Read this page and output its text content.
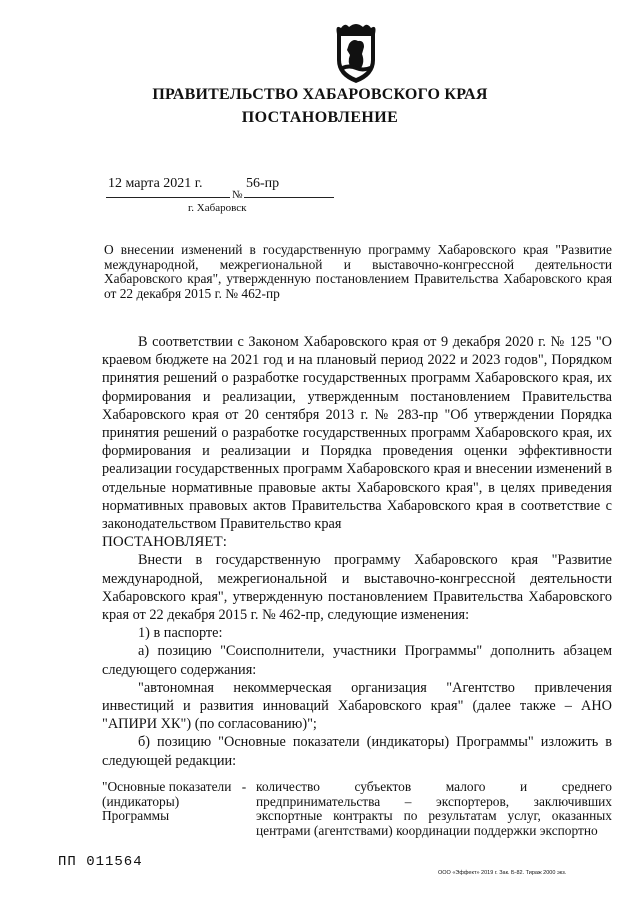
ПРАВИТЕЛЬСТВО ХАБАРОВСКОГО КРАЯ
ПОСТАНОВЛЕНИЕ
12 марта 2021 г.	56-пр
№
г. Хабаровск
О внесении изменений в государственную программу Хабаровского края "Развитие международной, межрегиональной и выставочно-конгрессной деятельности Хабаровского края", утвержденную постановлением Правительства Хабаровского края от 22 декабря 2015 г. № 462-пр

В соответствии с Законом Хабаровского края от 9 декабря 2020 г. № 125 "О краевом бюджете на 2021 год и на плановый период 2022 и 2023 годов", Порядком принятия решений о разработке государственных программ Хабаровского края, их формирования и реализации, утвержденным постановлением Правительства Хабаровского края от 20 сентября 2013 г. № 283-пр "Об утверждении Порядка принятия решений о разработке государственных программ Хабаровского края, их формирования и реализации и Порядка проведения оценки эффективности реализации государственных программ Хабаровского края и внесении изменений в отдельные нормативные правовые акты Хабаровского края", в целях приведения нормативных правовых актов Правительства Хабаровского края в соответствие с законодательством Правительство края

ПОСТАНОВЛЯЕТ:

Внести в государственную программу Хабаровского края "Развитие международной, межрегиональной и выставочно-конгрессной деятельности Хабаровского края", утвержденную постановлением Правительства Хабаровского края от 22 декабря 2015 г. № 462-пр, следующие изменения:

1) в паспорте:

а) позицию "Соисполнители, участники Программы" дополнить абзацем следующего содержания:

"автономная некоммерческая организация "Агентство привлечения инвестиций и развития инноваций Хабаровского края" (далее также – АНО "АПИРИ ХК") (по согласованию)";

б) позицию "Основные показатели (индикаторы) Программы" изложить в следующей редакции:

"Основные показатели (индикаторы) Программы
- количество субъектов малого и среднего предпринимательства – экспортеров, заключивших экспортные контракты по результатам услуг, оказанных центрами (агентствами) координации поддержки экспортно
ПП 011564
ООО «Эффект» 2019 г. Зак. Б-82. Тираж 2000 экз.
